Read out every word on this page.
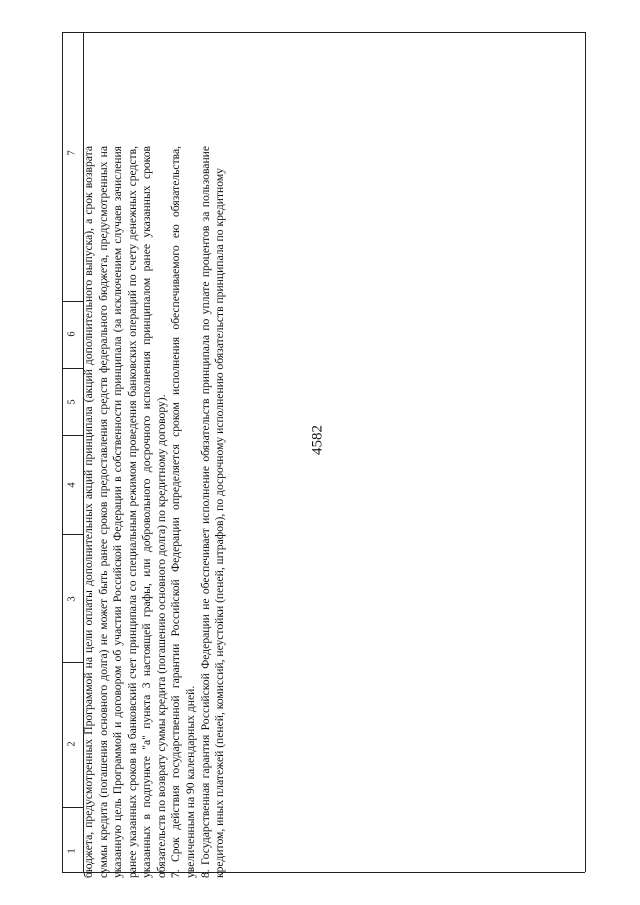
4582
1
2
3
4
5
6
7 бюджета, предусмотренных Программой на цели оплаты дополнительных акций принципала (акций дополнительного выпуска), а срок возврата суммы кредита (погашения основного долга) не может быть ранее сроков предоставления средств федерального бюджета, предусмотренных на указанную цель Программой и договором об участии Российской Федерации в собственности принципала (за исключением случаев зачисления ранее указанных сроков на банковский счет принципала со специальным режимом проведения банковских операций по счету денежных средств, указанных в подпункте "а" пункта 3 настоящей графы, или добровольного досрочного исполнения принципалом ранее указанных сроков обязательств по возврату суммы кредита (погашению основного долга) по кредитному договору). 7. Срок действия государственной гарантии Российской Федерации определяется сроком исполнения обеспечиваемого ею обязательства, увеличенным на 90 календарных дней. 8. Государственная гарантия Российской Федерации не обеспечивает исполнение обязательств принципала по уплате процентов за пользование кредитом, иных платежей (пеней, комиссий, неустойки (пеней, штрафов), по досрочному исполнению обязательств принципала по кредитному
